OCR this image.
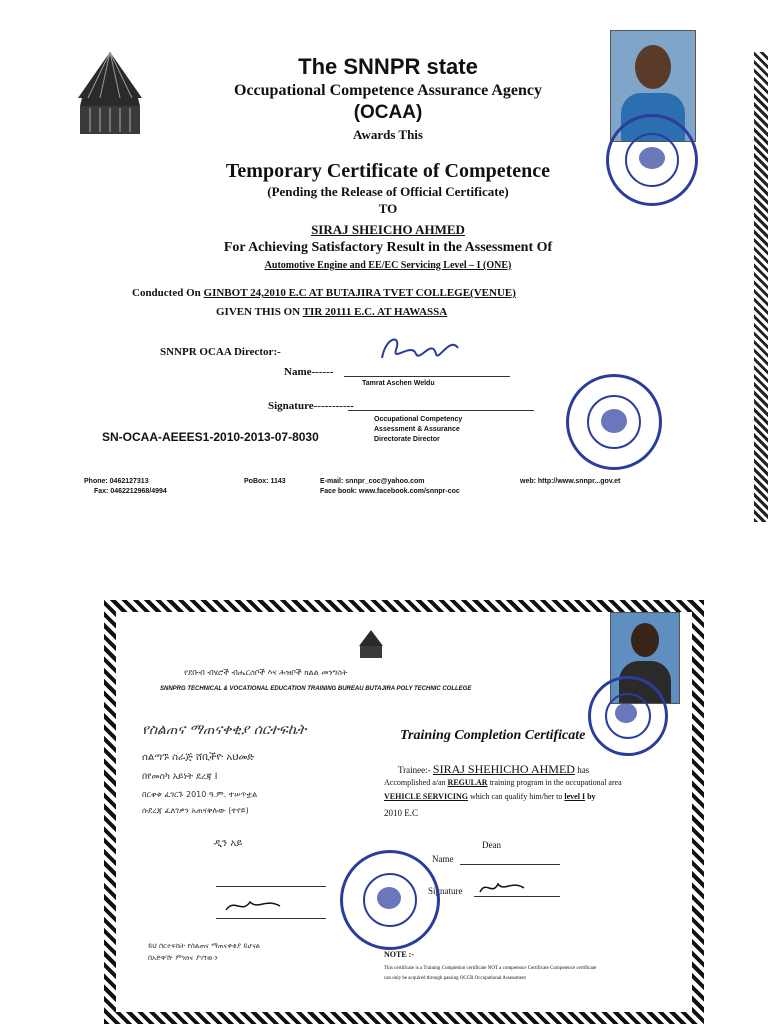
The SNNPR state
Occupational Competence Assurance Agency
(OCAA)
Awards This
Temporary Certificate of Competence
(Pending the Release of Official Certificate)
TO
SIRAJ SHEICHO AHMED
For Achieving Satisfactory Result in the Assessment Of
Automotive Engine and EE/EC Servicing Level – I (ONE)
Conducted On GINBOT 24,2010 E.C AT BUTAJIRA TVET COLLEGE(VENUE)
GIVEN THIS ON TIR 20111 E.C. AT HAWASSA
SNNPR OCAA Director:-
Name------
Tamrat Aschen Weldu
Signature-----------
Occupational Competency
Assessment & Assurance
Directorate Director
SN-OCAA-AEEES1-2010-2013-07-8030
Phone: 0462127313
Fax: 0462212968/4994
PoBox: 1143	E-mail: snnpr_coc@yahoo.com
Face book: www.facebook.com/snnpr-coc
web: http://www.snnpr...gov.et
የደቡብ ብሄሮች ብሔርሰቦች እና ሕዝቦች ክልል መንግስት
SNNPRG TECHNICAL & VOCATIONAL EDUCATION TRAINING BUREAU BUTAJIRA POLY TECHNIC COLLEGE
የስልጠና ማጠናቀቂያ ሰርተፍኬት
ሰልጣኙ ስራጅ ሸቢችዮ አህመድ
በየመስካ አይነት ደረጃ I
በርቀቱ ፈገርጉ 2010 ዓ.ም. ተሠጥቷል
ሱደረጃ ፈለገዎን አጠናቅሉው (ተየይ)
ዲን አይ
ይህ ሰርተፍኬት የስልጠና ማጠናቀቂያ ይሆናል
በአድዋዅ ምዝነና ያገኘውን
Training Completion Certificate
Trainee:- SIRAJ SHEHICHO AHMED has
Accomplished a/an REGULAR training program in the occupational area
VEHICLE SERVICING which can qualify him/her to level I by
2010 E.C
Dean
Name
Signature
NOTE :-
This certificate is a Training Completion certificate NOT a competence Certificate Competence certificate
can only be acquired through passing OCCB Occupational Assessment
